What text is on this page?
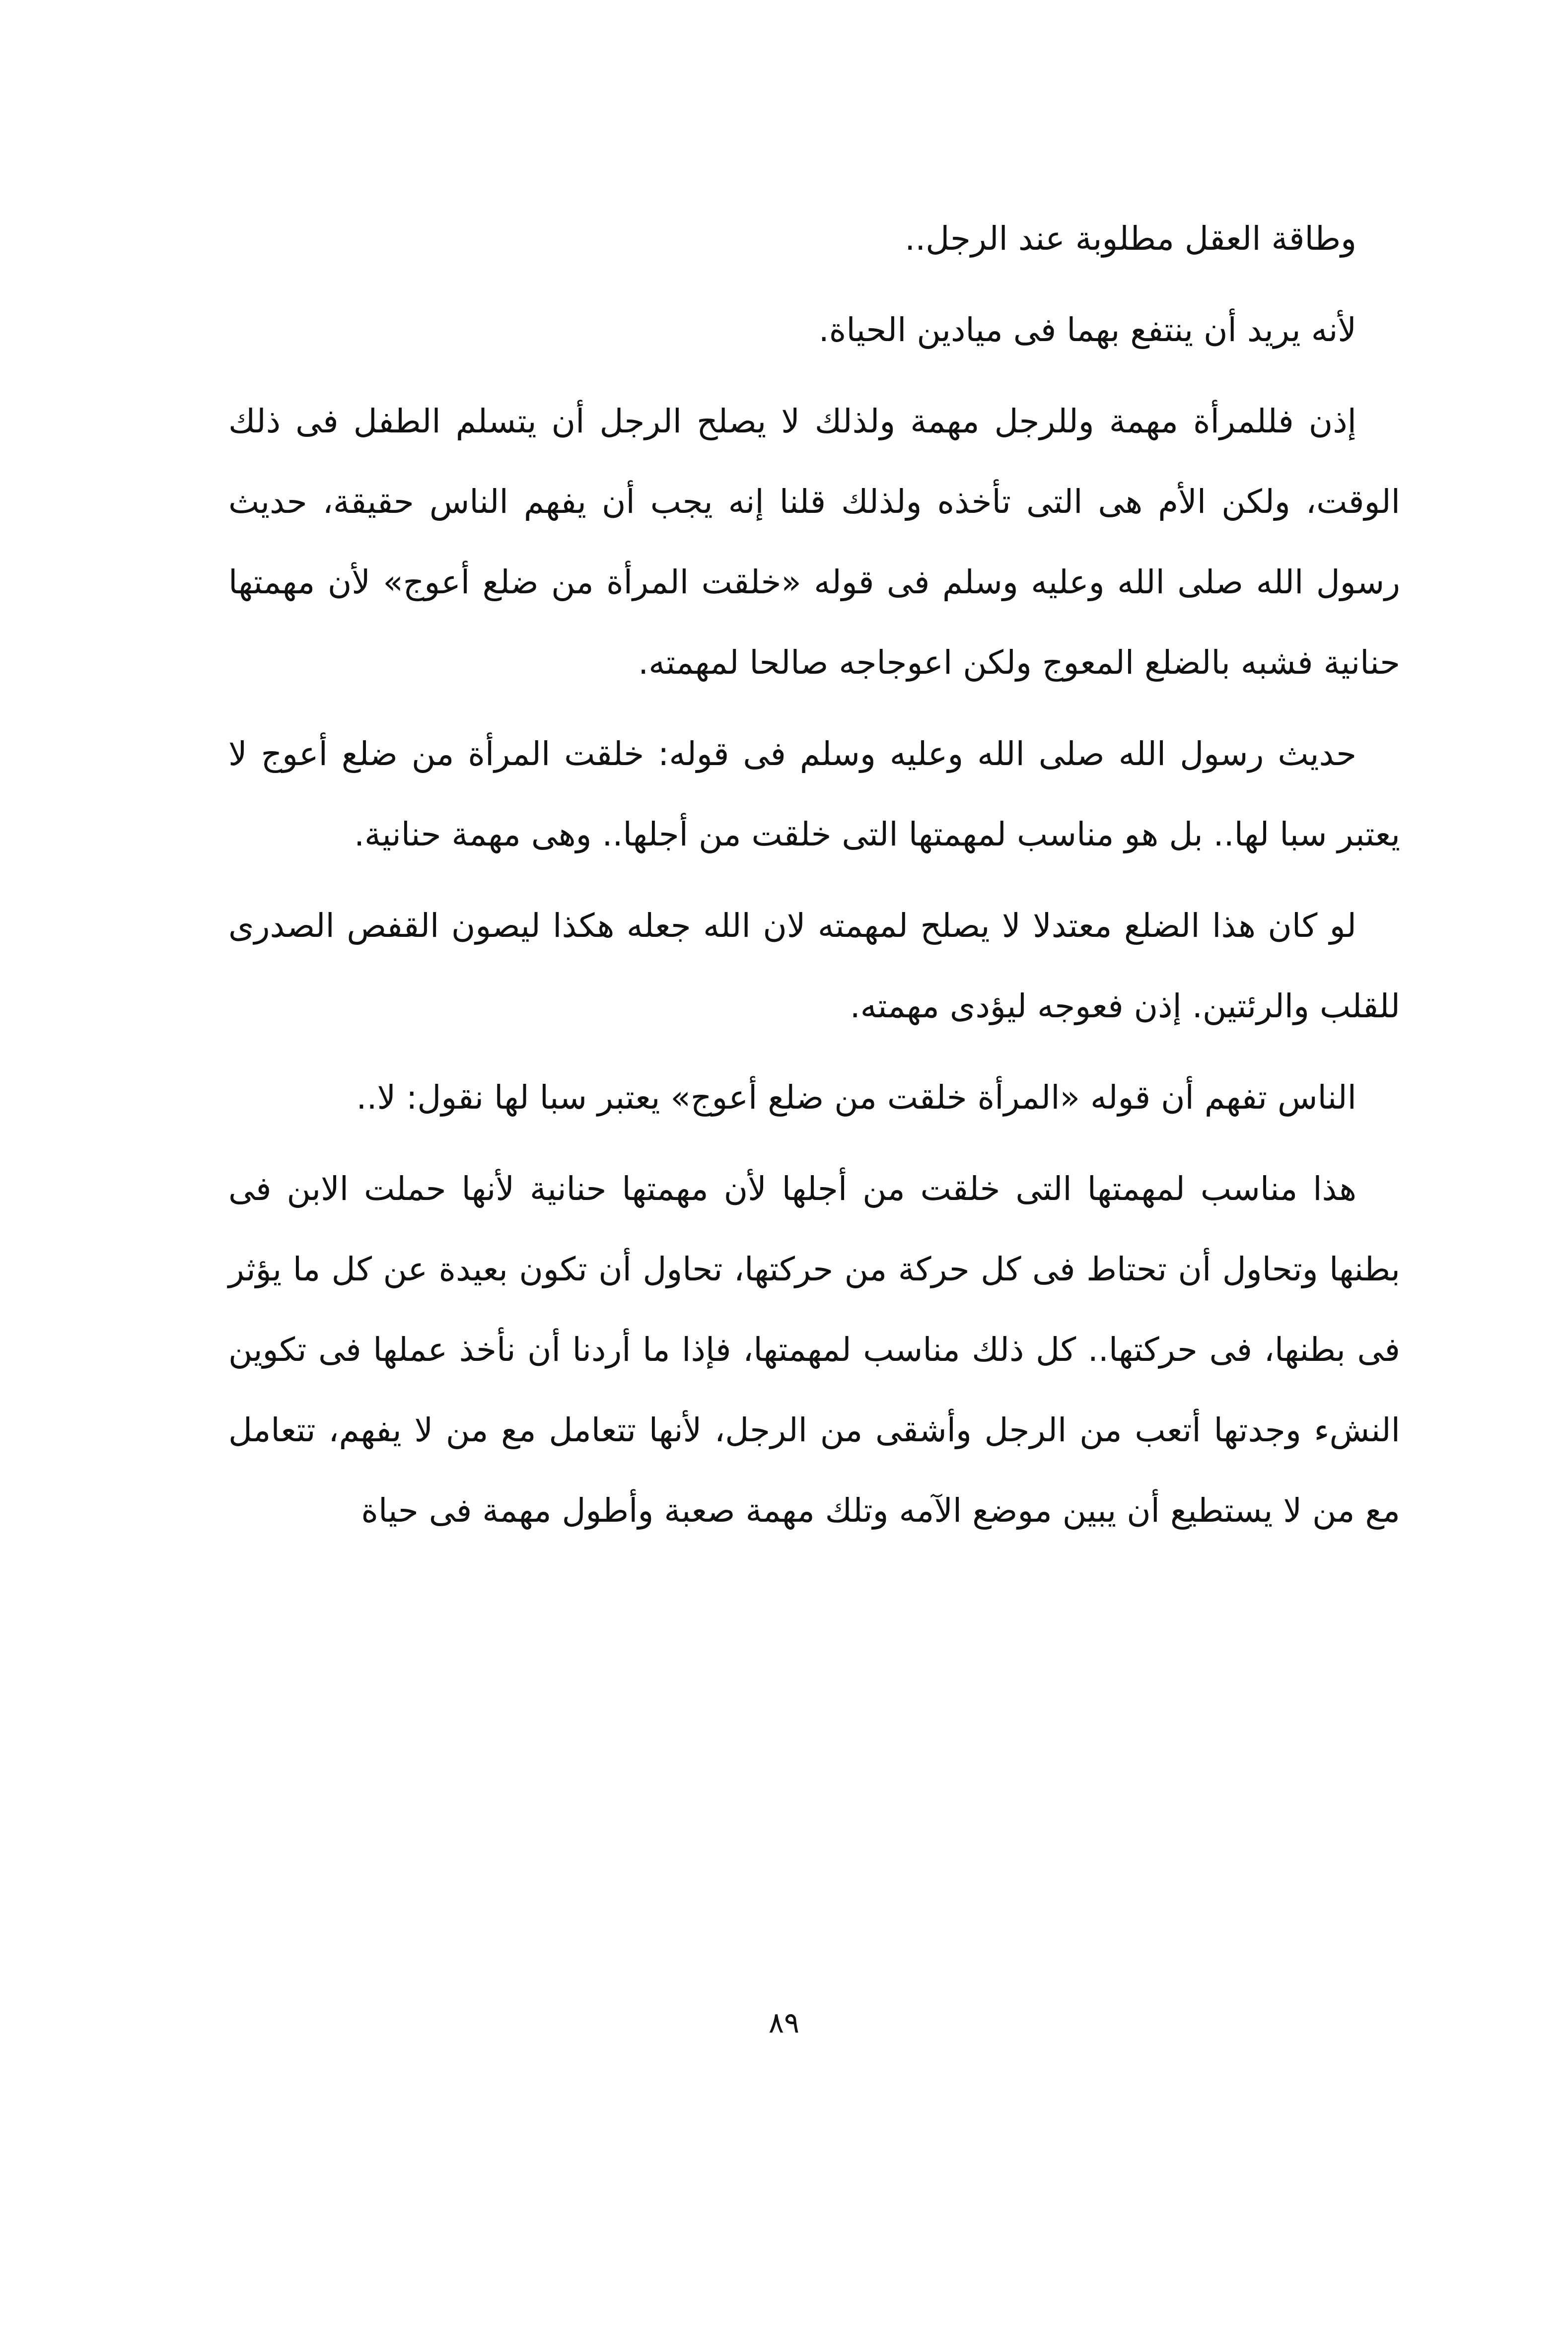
وطاقة العقل مطلوبة عند الرجل..

لأنه يريد أن ينتفع بهما فى ميادين الحياة.

إذن فللمرأة مهمة وللرجل مهمة ولذلك لا يصلح الرجل أن يتسلم الطفل فى ذلك الوقت، ولكن الأم هى التى تأخذه ولذلك قلنا إنه يجب أن يفهم الناس حقيقة، حديث رسول الله صلى الله وعليه وسلم فى قوله «خلقت المرأة من ضلع أعوج» لأن مهمتها حنانية فشبه بالضلع المعوج ولكن اعوجاجه صالحا لمهمته.

حديث رسول الله صلى الله وعليه وسلم فى قوله: خلقت المرأة من ضلع أعوج لا يعتبر سبا لها.. بل هو مناسب لمهمتها التى خلقت من أجلها.. وهى مهمة حنانية.

لو كان هذا الضلع معتدلا لا يصلح لمهمته لان الله جعله هكذا ليصون القفص الصدرى للقلب والرئتين. إذن فعوجه ليؤدى مهمته.

الناس تفهم أن قوله «المرأة خلقت من ضلع أعوج» يعتبر سبا لها نقول: لا..

هذا مناسب لمهمتها التى خلقت من أجلها لأن مهمتها حنانية لأنها حملت الابن فى بطنها وتحاول أن تحتاط فى كل حركة من حركتها، تحاول أن تكون بعيدة عن كل ما يؤثر فى بطنها، فى حركتها.. كل ذلك مناسب لمهمتها، فإذا ما أردنا أن نأخذ عملها فى تكوين النشء وجدتها أتعب من الرجل وأشقى من الرجل، لأنها تتعامل مع من لا يفهم، تتعامل مع من لا يستطيع أن يبين موضع الآمه وتلك مهمة صعبة وأطول مهمة فى حياة

٨٩
